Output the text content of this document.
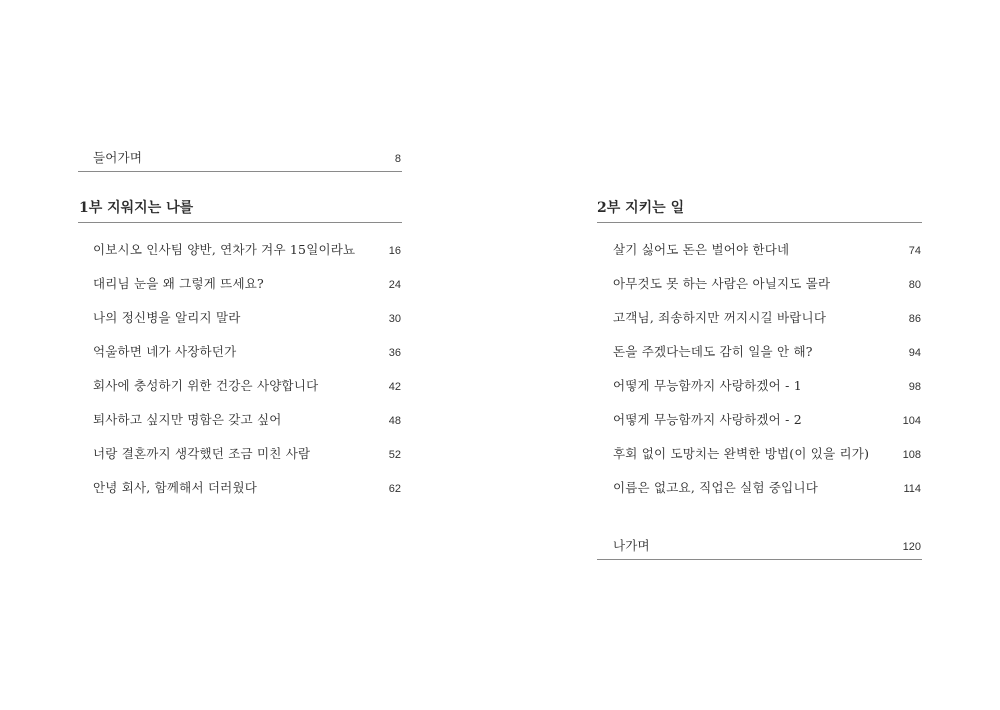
들어가며	8
1부 지워지는 나를
이보시오 인사팀 양반, 연차가 겨우 15일이라뇨	16
대리님 눈을 왜 그렇게 뜨세요?	24
나의 정신병을 알리지 말라	30
억울하면 네가 사장하던가	36
회사에 충성하기 위한 건강은 사양합니다	42
퇴사하고 싶지만 명함은 갖고 싶어	48
너랑 결혼까지 생각했던 조금 미친 사람	52
안녕 회사, 함께해서 더러웠다	62
2부 지키는 일
살기 싫어도 돈은 벌어야 한다네	74
아무것도 못 하는 사람은 아닐지도 몰라	80
고객님, 죄송하지만 꺼지시길 바랍니다	86
돈을 주겠다는데도 감히 일을 안 해?	94
어떻게 무능함까지 사랑하겠어 - 1	98
어떻게 무능함까지 사랑하겠어 - 2	104
후회 없이 도망치는 완벽한 방법(이 있을 리가)	108
이름은 없고요, 직업은 실험 중입니다	114
나가며	120
